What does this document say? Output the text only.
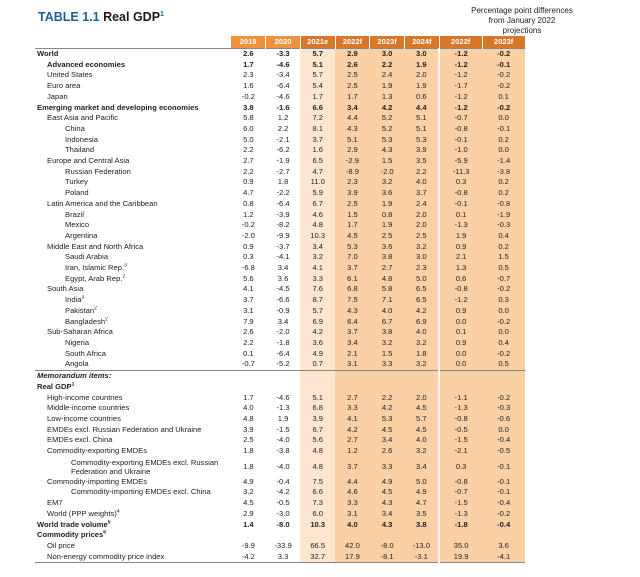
TABLE 1.1 Real GDP$^1$	Percentage point differences from January 2022 projections
	2019	2020	2021e	2022f	2023f	2024f	2022f	2023f
World	2.6	-3.3	5.7	2.9	3.0	3.0	-1.2	-0.2
Advanced economies	1.7	-4.6	5.1	2.6	2.2	1.9	-1.2	-0.1
United States	2.3	-3.4	5.7	2.5	2.4	2.0	-1.2	-0.2
Euro area	1.6	-6.4	5.4	2.5	1.9	1.9	-1.7	-0.2
Japan	-0.2	-4.6	1.7	1.7	1.3	0.6	-1.2	0.1
Emerging market and developing economies	3.8	-1.6	6.6	3.4	4.2	4.4	-1.2	-0.2
East Asia and Pacific	5.8	1.2	7.2	4.4	5.2	5.1	-0.7	0.0
China	6.0	2.2	8.1	4.3	5.2	5.1	-0.8	-0.1
Indonesia	5.0	-2.1	3.7	5.1	5.3	5.3	-0.1	0.2
Thailand	2.2	-6.2	1.6	2.9	4.3	3.9	-1.0	0.0
Europe and Central Asia	2.7	-1.9	6.5	-2.9	1.5	3.5	-5.9	-1.4
Russian Federation	2.2	-2.7	4.7	-8.9	-2.0	2.2	-11.3	-3.8
Turkey	0.9	1.8	11.0	2.3	3.2	4.0	0.3	0.2
Poland	4.7	-2.2	5.9	3.9	3.6	3.7	-0.8	0.2
Latin America and the Caribbean	0.8	-6.4	6.7	2.5	1.9	2.4	-0.1	-0.8
Brazil	1.2	-3.9	4.6	1.5	0.8	2.0	0.1	-1.9
Mexico	-0.2	-8.2	4.8	1.7	1.9	2.0	-1.3	-0.3
Argentina	-2.0	-9.9	10.3	4.5	2.5	2.5	1.9	0.4
Middle East and North Africa	0.9	-3.7	3.4	5.3	3.6	3.2	0.9	0.2
Saudi Arabia	0.3	-4.1	3.2	7.0	3.8	3.0	2.1	1.5
Iran, Islamic Rep.$^3$	-6.8	3.4	4.1	3.7	2.7	2.3	1.3	0.5
Egypt, Arab Rep.$^2$	5.6	3.6	3.3	6.1	4.8	5.0	0.6	-0.7
South Asia	4.1	-4.5	7.6	6.8	5.8	6.5	-0.8	-0.2
India$^3$	3.7	-6.6	8.7	7.5	7.1	6.5	-1.2	0.3
Pakistan$^2$	3.1	-0.9	5.7	4.3	4.0	4.2	0.9	0.0
Bangladesh$^2$	7.9	3.4	6.9	6.4	6.7	6.9	0.0	-0.2
Sub-Saharan Africa	2.6	-2.0	4.2	3.7	3.8	4.0	0.1	0.0
Nigeria	2.2	-1.8	3.6	3.4	3.2	3.2	0.9	0.4
South Africa	0.1	-6.4	4.9	2.1	1.5	1.8	0.0	-0.2
Angola	-0.7	-5.2	0.7	3.1	3.3	3.2	0.0	0.5
Memorandum items:								
Real GDP$^1$								
High-income countries	1.7	-4.6	5.1	2.7	2.2	2.0	-1.1	-0.2
Middle-income countries	4.0	-1.3	6.8	3.3	4.2	4.5	-1.3	-0.3
Low-income countries	4.8	1.9	3.9	4.1	5.3	5.7	-0.8	-0.6
EMDEs excl. Russian Federation and Ukraine	3.9	-1.5	6.7	4.2	4.5	4.5	-0.5	0.0
EMDEs excl. China	2.5	-4.0	5.6	2.7	3.4	4.0	-1.5	-0.4
Commodity-exporting EMDEs	1.8	-3.8	4.8	1.2	2.6	3.2	-2.1	-0.5
Commodity-exporting EMDEs excl. Russian Federation and Ukraine	1.8	-4.0	4.8	3.7	3.3	3.4	0.3	-0.1
Commodity-importing EMDEs	4.9	-0.4	7.5	4.4	4.9	5.0	-0.8	-0.1
Commodity-importing EMDEs excl. China	3.2	-4.2	6.6	4.6	4.5	4.9	-0.7	-0.1
EM7	4.5	-0.5	7.3	3.3	4.3	4.7	-1.5	-0.4
World (PPP weights)$^4$	2.9	-3.0	6.0	3.1	3.4	3.5	-1.3	-0.2
World trade volume$^5$	1.4	-8.0	10.3	4.0	4.3	3.8	-1.8	-0.4
Commodity prices$^6$								
Oil price	-9.9	-33.9	66.5	42.0	-8.0	-13.0	35.0	3.6
Non-energy commodity price index	-4.2	3.3	32.7	17.9	-8.1	-3.1	19.9	-4.1
